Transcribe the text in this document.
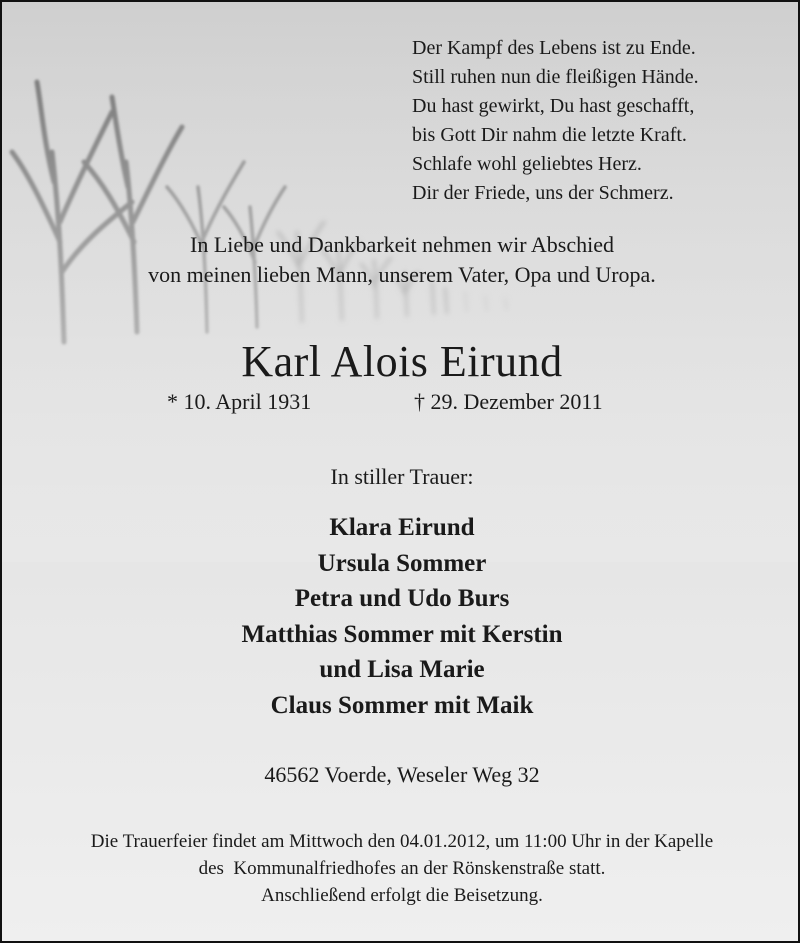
Der Kampf des Lebens ist zu Ende.
Still ruhen nun die fleißigen Hände.
Du hast gewirkt, Du hast geschafft,
bis Gott Dir nahm die letzte Kraft.
Schlafe wohl geliebtes Herz.
Dir der Friede, uns der Schmerz.
In Liebe und Dankbarkeit nehmen wir Abschied
von meinen lieben Mann, unserem Vater, Opa und Uropa.
Karl Alois Eirund
* 10. April 1931	† 29. Dezember 2011
In stiller Trauer:
Klara Eirund
Ursula Sommer
Petra und Udo Burs
Matthias Sommer mit Kerstin
und Lisa Marie
Claus Sommer mit Maik
46562 Voerde, Weseler Weg 32
Die Trauerfeier findet am Mittwoch den 04.01.2012, um 11:00 Uhr in der Kapelle
des  Kommunalfriedhofes an der Rönskenstraße statt.
Anschließend erfolgt die Beisetzung.
